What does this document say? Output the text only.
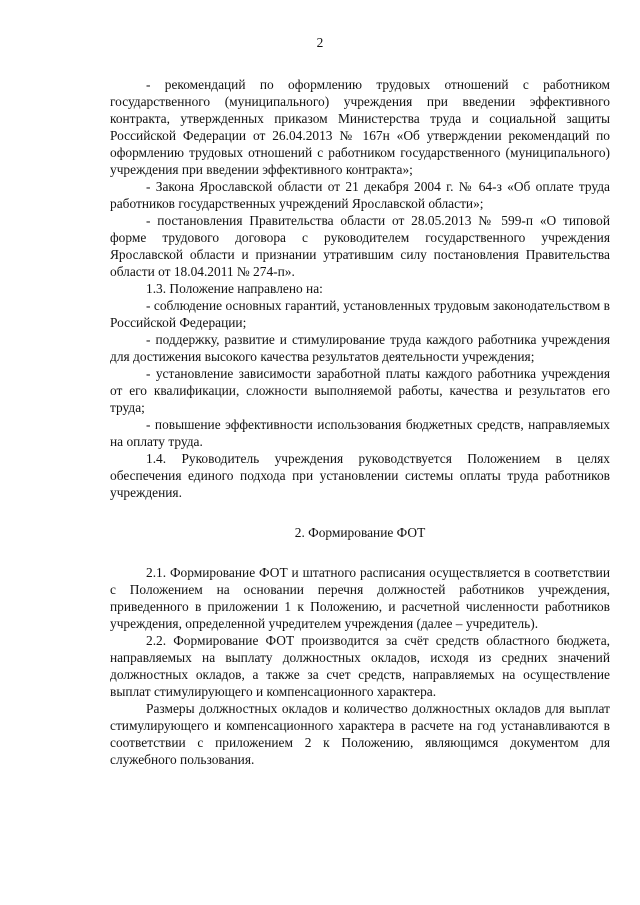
2

- рекомендаций по оформлению трудовых отношений с работником государственного (муниципального) учреждения при введении эффективного контракта, утвержденных приказом Министерства труда и социальной защиты Российской Федерации от 26.04.2013 № 167н «Об утверждении рекомендаций по оформлению трудовых отношений с работником государственного (муниципального) учреждения при введении эффективного контракта»;

- Закона Ярославской области от 21 декабря 2004 г. № 64-з «Об оплате труда работников государственных учреждений Ярославской области»;

- постановления Правительства области от 28.05.2013 № 599-п «О типовой форме трудового договора с руководителем государственного учреждения Ярославской области и признании утратившим силу постановления Правительства области от 18.04.2011 № 274-п».

1.3. Положение направлено на:

- соблюдение основных гарантий, установленных трудовым законодательством в Российской Федерации;

- поддержку, развитие и стимулирование труда каждого работника учреждения для достижения высокого качества результатов деятельности учреждения;

- установление зависимости заработной платы каждого работника учреждения от его квалификации, сложности выполняемой работы, качества и результатов его труда;

- повышение эффективности использования бюджетных средств, направляемых на оплату труда.

1.4. Руководитель учреждения руководствуется Положением в целях обеспечения единого подхода при установлении системы оплаты труда работников учреждения.

2. Формирование ФОТ

2.1. Формирование ФОТ и штатного расписания осуществляется в соответствии с Положением на основании перечня должностей работников учреждения, приведенного в приложении 1 к Положению, и расчетной численности работников учреждения, определенной учредителем учреждения (далее – учредитель).

2.2. Формирование ФОТ производится за счёт средств областного бюджета, направляемых на выплату должностных окладов, исходя из средних значений должностных окладов, а также за счет средств, направляемых на осуществление выплат стимулирующего и компенсационного характера.

Размеры должностных окладов и количество должностных окладов для выплат стимулирующего и компенсационного характера в расчете на год устанавливаются в соответствии с приложением 2 к Положению, являющимся документом для служебного пользования.
